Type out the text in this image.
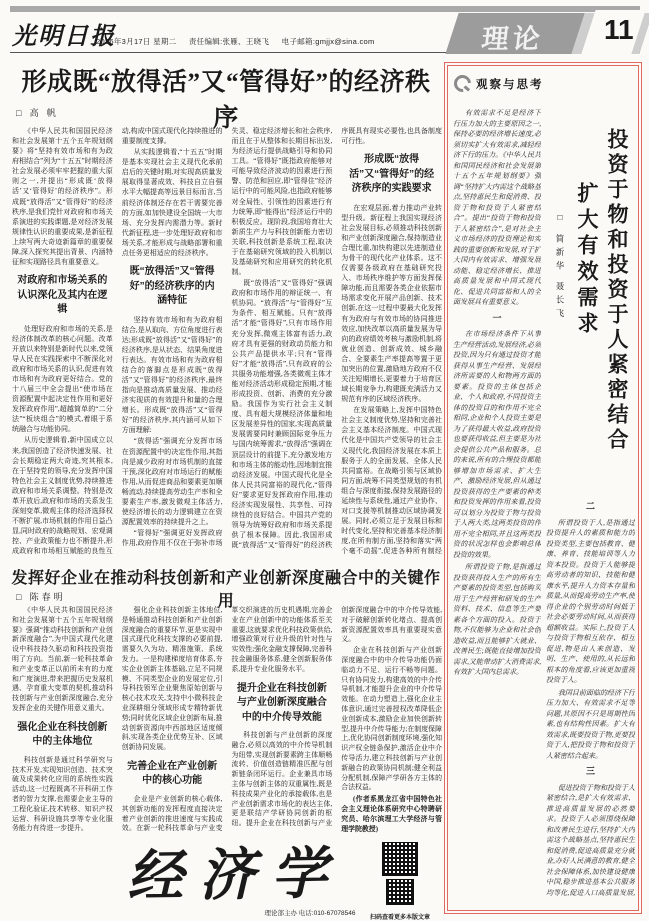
光明日报
2026年3月17日 星期二 责任编辑:张雁、王晓飞 电子邮箱:gmjjx@sina.com	理论 11
形成既“放得活”又“管得好”的经济秩序
□ 高 帆

《中华人民共和国国民经济和社会发展第十五个五年规划纲要》将“坚持有效市场和有为政府相结合”列为“十五五”时期经济社会发展必须牢牢把握的重大原则之一,并提出“形成既‘放得活’又‘管得好’的经济秩序”。形成既“放得活”又“管得好”的经济秩序,是我们党针对政府和市场关系演进的实践课题,是对经济发展规律性认识的重要成果,是新征程上续写两大奇迹新篇章的重要保障,深入探究其提出背景、内涵特征和实现路径具有重要意义。

对政府和市场关系的认识深化及其内在逻辑

处理好政府和市场的关系,是经济体制改革的核心问题。改革开放以来特别是新时代以来,党领导人民在实践探索中不断深化对政府和市场关系的认识,促进有效市场和有为政府更好结合。党的十八届三中全会提出“使市场在资源配置中起决定性作用和更好发挥政府作用”,超越简单的“二分法”“板块组合”的模式,着眼于系统融合与功能协同。

从历史逻辑看,新中国成立以来,我国创造了经济快速发展、社会长期稳定两大奇迹,究其根本,在于坚持党的领导,充分发挥中国特色社会主义制度优势,持续推进政府和市场关系调整。特别是改革开放后,政府和市场的关系发生深刻变革,微观主体的经济选择权不断扩展,市场机制的作用日益凸显,同时政府的战略规划、宏观调控、产业政策能力也不断提升,形成政府和市场相互赋能的良性互动,构成中国式现代化持续推进的重要制度支撑。

从实践逻辑看,“十五五”时期是基本实现社会主义现代化承前启后的关键时期,对实现高质量发展取得显著成效、科技自立自强水平大幅提高等远景目标而言,当前经济体制还存在若干需要完善的方面,如加快建设全国统一大市场、充分发挥内需潜力等。新时代新征程,进一步处理好政府和市场关系,才能形成与战略部署和重点任务更相适应的经济秩序。

既“放得活”又“管得好”的经济秩序的内涵特征

坚持有效市场和有为政府相结合,是从取向、方位角度进行表达;形成既“放得活”又“管得好”的经济秩序,是从状态、结果角度进行表达。有效市场和有为政府相结合的落脚点是形成既“放得活”又“管得好”的经济秩序,最终指向是推动高质量发展、推动经济实现质的有效提升和量的合理增长。形成既“放得活”又“管得好”的经济秩序,其内涵可从如下方面理解:

“放得活”强调充分发挥市场在资源配置中的决定性作用,其指向是减少政府对市场机制的直接干预,深化政府对市场运行的赋能作用,从而促进商品和要素更加顺畅流动,持续提高劳动生产率和全要素生产率,激发微观主体活力,使经济增长的动力逻辑建立在资源配置效率的持续提升之上。

“管得好”强调更好发挥政府作用,政府作用不仅在于弥补市场失灵、稳定经济增长和社会秩序,而且在于从整体和长期目标出发,为经济运行提供战略引导和协同工具。“管得好”既指政府能够对可能导致经济波动的因素进行预警、防范和回应,即“管得住”经济运行中的可能风险,也指政府能够对全局性、引领性的因素进行有力统筹,即“能得出”经济运行中的积极反应。现阶段,我国培育壮大新质生产力与科技创新能力密切关联,科技创新是系统工程,取决于在基础研究领域的投入机制以及基础研究和应用研究的转化机制。

既“放得活”又“管得好”强调政府和市场作用的辩证统一、有机协同。“放得活”与“管得好”互为条件、相互赋能。只有“放得活”才能“管得好”,只有市场作用充分发挥,微观主体富有活力,政府才具有更强的财政动员能力和公共产品提供水平;只有“管得好”才能“放得活”,只有政府的公共服务功能增强,各类微观主体才能对经济活动形成稳定预期,才能形成投资、创新、消费的充分激励。我国作为实行社会主义制度、具有超大规模经济体量和地区发展差异性的国家,实现高质量发展需要同时兼顾国际竞争压力与国内统筹需求,“放得活”强调在顶层设计的前提下,充分激发地方和市场主体的能动性,因地制宜推动经济发展。中国式现代化是全体人民共同富裕的现代化,“管得好”要求更好发挥政府作用,推动经济实现发展性、共享性、可持续性的良好结合。中国共产党的领导为统筹好政府和市场关系提供了根本保障。因此,我国形成既“放得活”又“管得好”的经济秩序既具有现实必要性,也具备制度可行性。

形成既“放得活”又“管得好”的经济秩序的实践要求

在宏观层面,着力推动产业转型升级。新征程上我国实现经济社会发展目标,必须推动科技创新和产业创新深度融合,保持制造业合理比重,加快构建以先进制造业为骨干的现代化产业体系。这不仅需要各级政府在基础研究投入、市场秩序维护等方面发挥保障功能,而且需要各类企业依据市场需求变化开展产品创新、技术创新,在这一过程中要最大化发挥有为政府与有效市场的协同推进效应,加快改革以高质量发展为导向的政府绩效考核与激励机制,将就业创造、创新成效、城乡融合、全要素生产率提高等置于更加突出的位置,激励地方政府不仅关注短期增长,更要着力于培育区域长期竞争力,构建既充满活力又规范有序的区域经济秩序。

在发展策略上,发挥中国特色社会主义制度优势,坚持和完善社会主义基本经济制度。中国式现代化是中国共产党领导的社会主义现代化,我国经济发展在本质上服务于人的全面发展、全体人民共同富裕。在战略引领与区域协同方面,统筹不同类型规划的有机组合与深度衔接,保持发展路径的延续性与系统性,通过产业协作、对口支援等机制推动区域协调发展。同时,必须立足于发展目标和时代变化,坚持和完善基本经济制度,在所有制方面,坚持和落实“两个毫不动摇”,促进各种所有制经

发挥好企业在推动科技创新和产业创新深度融合中的关键作用
□ 陈春明

《中华人民共和国国民经济和社会发展第十五个五年规划纲要》强调“推动科技创新和产业创新深度融合”,为中国式现代化建设中科技持久驱动和科技投资指明了方向。当前,新一轮科技革命和产业变革正以前所未有的力度和广度演进,带来把握历史发展机遇、孕育重大变革的契机,推动科技创新与产业创新深度融合,充分发挥企业的关键作用意义重大。

强化企业在科技创新中的主体地位

科技创新是通过科学研究与技术开发,实现知识创造、技术突破及成果转化应用的系统性实践活动,这一过程既离不开科研工作者的智力支撑,也需要企业主导的工程化验证,技术转移、知识产权运营、科研设施共享等专业化服务能力有待进一步提升。

强化企业科技创新主体地位,是畅通推动科技创新和产业创新深度融合的重要环节,更是实现中国式现代化科技支撑的必要前提,需要久久为功、精准施策、系统发力。一是构建梯度培育体系,夯实企业创新主体基础,立足不同规模、不同类型企业的发展定位,引导科技领军企业聚焦原始创新与核心技术攻关,支持中小微科技企业深耕细分领域形成专精特新优势;同时优化区域企业创新布局,推动创新资源向中西部地区适度倾斜,实现各类企业优势互补、区域创新协同发展。

完善企业在产业创新中的核心功能

企业是产业创新的核心载体,其创新功能的发挥程度直接决定着产业创新的推进速度与实践成效。在新一轮科技革命与产业变革交织演进的历史机遇期,完善企业在产业创新中的功能体系至关重要,这就要求优化科技政策供给,增强政策对行业升级的针对性与实效性;强化金融支撑保障,完善科技金融服务体系,健全创新服务体系,提升专业化服务水平。

提升企业在科技创新与产业创新深度融合中的中介传导效能

科技创新与产业创新的深度融合,必须以高效的中介传导机制为纽带,实现创新要素跨主体顺畅流转、价值创造链精准匹配与创新链条闭环运行。企业兼具市场主体与创新主体的双重属性,既是科技成果产业化的承接载体,也是产业创新需求市场化的表达主体,更是联结产学研协同创新的枢纽。提升企业在科技创新与产业创新深度融合中的中介传导效能,对于破解创新转化堵点、提高创新资源配置效率具有重要现实意义。

企业在科技创新与产业创新深度融合中的中介传导功能仍面临动力不足、运行不畅等问题。只有协同发力,构建高效的中介传导机制,才能提升企业的中介传导效能。在动力塑造上,强化企业主体意识,通过完善授权改革降低企业创新成本,激励企业加快创新转型,提升中介传导能力;在制度保障上,优化协同创新制度环境,强化知识产权全链条保护,激活企业中介传导活力,建立科技创新与产业创新融合的政策协同机制;健全利益分配机制,保障产学研各方主体的合法权益。

(作者系黑龙江省中国特色社会主义理论体系研究中心特聘研究员、哈尔滨理工大学经济与管理学院教授)

经济学
理论部主办 电话:010-67078546
扫码查看更多本版文章
观察与思考
投资于物和投资于人紧密结合
扩大有效需求
□ 简新华 聂长飞

有效需求不足是经济下行压力加大的主要原因之一,保持必要的经济增长速度,必须切实扩大有效需求,减轻经济下行的压力。《中华人民共和国国民经济和社会发展第十五个五年规划纲要》强调“坚持扩大内需这个战略基点,坚持惠民生和促消费、投资于物和投资于人紧密结合”。提出“投资于物和投资于人紧密结合”,是对社会主义市场经济的投资理论和实践的重要创新和发展,对于扩大国内有效需求、增强发展动能、稳定经济增长、推进高质量发展和中国式现代化、促进共同富裕和人的全面发展具有重要意义。

一

在市场经济条件下从事生产经营活动,发展经济,必须投资,因为只有通过投资才能获得从事生产经营、发展经济所需要的人和物两方面的要素。投资的主体包括企业、个人和政府,不同投资主体的投资目的和作用不完全相同,企业和个人投资主要是为了获得最大收益,政府投资也要获得收益,但主要是为社会提供公共产品和服务。总的来说,所有的合理投资都能够增加市场需求、扩大生产、激励经济发展,但从通过投资获得的生产要素的种类和投资发挥的作用来看,投资可以划分为投资于物与投资于人两大类,这两类投资的作用不完全相同,并且这两类投资的状况怎样也会影响总体投资的效果。

所谓投资于物,是指通过投资获得投入生产的所有生产要素的投资类型,包括购买用于生产经营和研发的生产资料、技术、信息等生产要素各个方面的投入。投资于物,不仅能够为企业和社会创造收益,而且能够扩大就业、改善民生;既能直接增加投资需求,又能带动扩大消费需求,有效扩大国内总需求。

二

所谓投资于人,是指通过投资提升人的素质和能力的投资类型,主要包括教育、健康、养育、技能培训等人力资本投资。投资于人能够提高劳动者的知识、技能和健康水平,提升人力资本存量和质量,从而提高劳动生产率,使得企业的个别劳动时间低于社会必要劳动时间,从而获得超额收益。实际上,投资于人与投资于物相互依存、相互促进,物是由人来创造、发明、生产、使用的,从长远和根本的角度看,应该更加重视投资于人。

我国目前面临的经济下行压力加大、有效需求不足等问题,其原因不只是周期性因素,也有结构性因素。扩大有效需求,既要投资于物,更要投资于人,把投资于物和投资于人紧密结合起来。

三

促进投资于物和投资于人紧密结合,是扩大有效需求、推进高质量发展的必然要求。投资于人必须围绕保障和改善民生进行,坚持扩大内需这个战略基点,坚持惠民生和促消费,促进高质量充分就业,办好人民满意的教育,健全社会保障体系,加快建设健康中国,稳步推进基本公共服务均等化,促进人口高质量发展,
